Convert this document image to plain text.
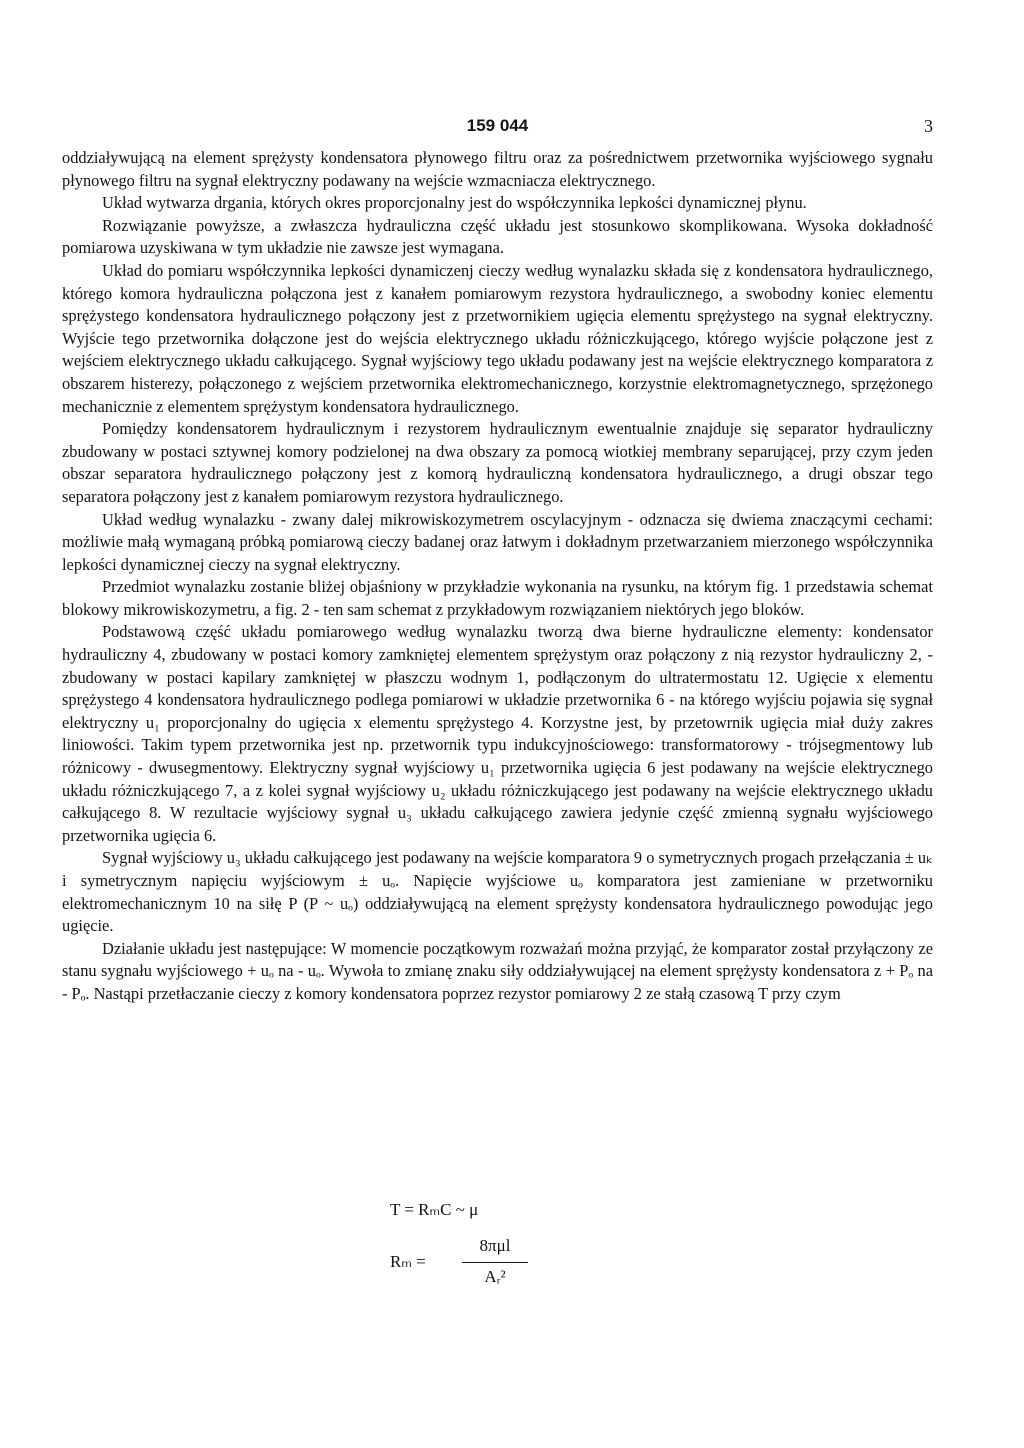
159 044	3

oddziaływującą na element sprężysty kondensatora płynowego filtru oraz za pośrednictwem przetwornika wyjściowego sygnału płynowego filtru na sygnał elektryczny podawany na wejście wzmacniacza elektrycznego.

Układ wytwarza drgania, których okres proporcjonalny jest do współczynnika lepkości dynamicznej płynu.

Rozwiązanie powyższe, a zwłaszcza hydrauliczna część układu jest stosunkowo skomplikowana. Wysoka dokładność pomiarowa uzyskiwana w tym układzie nie zawsze jest wymagana.

Układ do pomiaru współczynnika lepkości dynamiczenj cieczy według wynalazku składa się z kondensatora hydraulicznego, którego komora hydrauliczna połączona jest z kanałem pomiarowym rezystora hydraulicznego, a swobodny koniec elementu sprężystego kondensatora hydraulicznego połączony jest z przetwornikiem ugięcia elementu sprężystego na sygnał elektryczny. Wyjście tego przetwornika dołączone jest do wejścia elektrycznego układu różniczkującego, którego wyjście połączone jest z wejściem elektrycznego układu całkującego. Sygnał wyjściowy tego układu podawany jest na wejście elektrycznego komparatora z obszarem histerezy, połączonego z wejściem przetwornika elektromechanicznego, korzystnie elektromagnetycznego, sprzężonego mechanicznie z elementem sprężystym kondensatora hydraulicznego.

Pomiędzy kondensatorem hydraulicznym i rezystorem hydraulicznym ewentualnie znajduje się separator hydrauliczny zbudowany w postaci sztywnej komory podzielonej na dwa obszary za pomocą wiotkiej membrany separującej, przy czym jeden obszar separatora hydraulicznego połączony jest z komorą hydrauliczną kondensatora hydraulicznego, a drugi obszar tego separatora połączony jest z kanałem pomiarowym rezystora hydraulicznego.

Układ według wynalazku - zwany dalej mikrowiskozymetrem oscylacyjnym - odznacza się dwiema znaczącymi cechami: możliwie małą wymaganą próbką pomiarową cieczy badanej oraz łatwym i dokładnym przetwarzaniem mierzonego współczynnika lepkości dynamicznej cieczy na sygnał elektryczny.

Przedmiot wynalazku zostanie bliżej objaśniony w przykładzie wykonania na rysunku, na którym fig. 1 przedstawia schemat blokowy mikrowiskozymetru, a fig. 2 - ten sam schemat z przykładowym rozwiązaniem niektórych jego bloków.

Podstawową część układu pomiarowego według wynalazku tworzą dwa bierne hydrauliczne elementy: kondensator hydrauliczny 4, zbudowany w postaci komory zamkniętej elementem sprężystym oraz połączony z nią rezystor hydrauliczny 2, - zbudowany w postaci kapilary zamkniętej w płaszczu wodnym 1, podłączonym do ultratermostatu 12. Ugięcie x elementu sprężystego 4 kondensatora hydraulicznego podlega pomiarowi w układzie przetwornika 6 - na którego wyjściu pojawia się sygnał elektryczny u₁ proporcjonalny do ugięcia x elementu sprężystego 4. Korzystne jest, by przetowrnik ugięcia miał duży zakres liniowości. Takim typem przetwornika jest np. przetwornik typu indukcyjnościowego: transformatorowy - trójsegmentowy lub różnicowy - dwusegmentowy. Elektryczny sygnał wyjściowy u₁ przetwornika ugięcia 6 jest podawany na wejście elektrycznego układu różniczkującego 7, a z kolei sygnał wyjściowy u₂ układu różniczkującego jest podawany na wejście elektrycznego układu całkującego 8. W rezultacie wyjściowy sygnał u₃ układu całkującego zawiera jedynie część zmienną sygnału wyjściowego przetwornika ugięcia 6.

Sygnał wyjściowy u₃ układu całkującego jest podawany na wejście komparatora 9 o symetrycznych progach przełączania ± uₖ i symetrycznym napięciu wyjściowym ± uₒ. Napięcie wyjściowe uₒ komparatora jest zamieniane w przetworniku elektromechanicznym 10 na siłę P (P ~ uₒ) oddziaływującą na element sprężysty kondensatora hydraulicznego powodując jego ugięcie.

Działanie układu jest następujące: W momencie początkowym rozważań można przyjąć, że komparator został przyłączony ze stanu sygnału wyjściowego + uₒ na - uₒ. Wywoła to zmianę znaku siły oddziaływującej na element sprężysty kondensatora z + Pₒ na - Pₒ. Nastąpi przetłaczanie cieczy z komory kondensatora poprzez rezystor pomiarowy 2 ze stałą czasową T przy czym

T = RₘC ~ μ
Rₘ =
8πμl
Aᵣ²
